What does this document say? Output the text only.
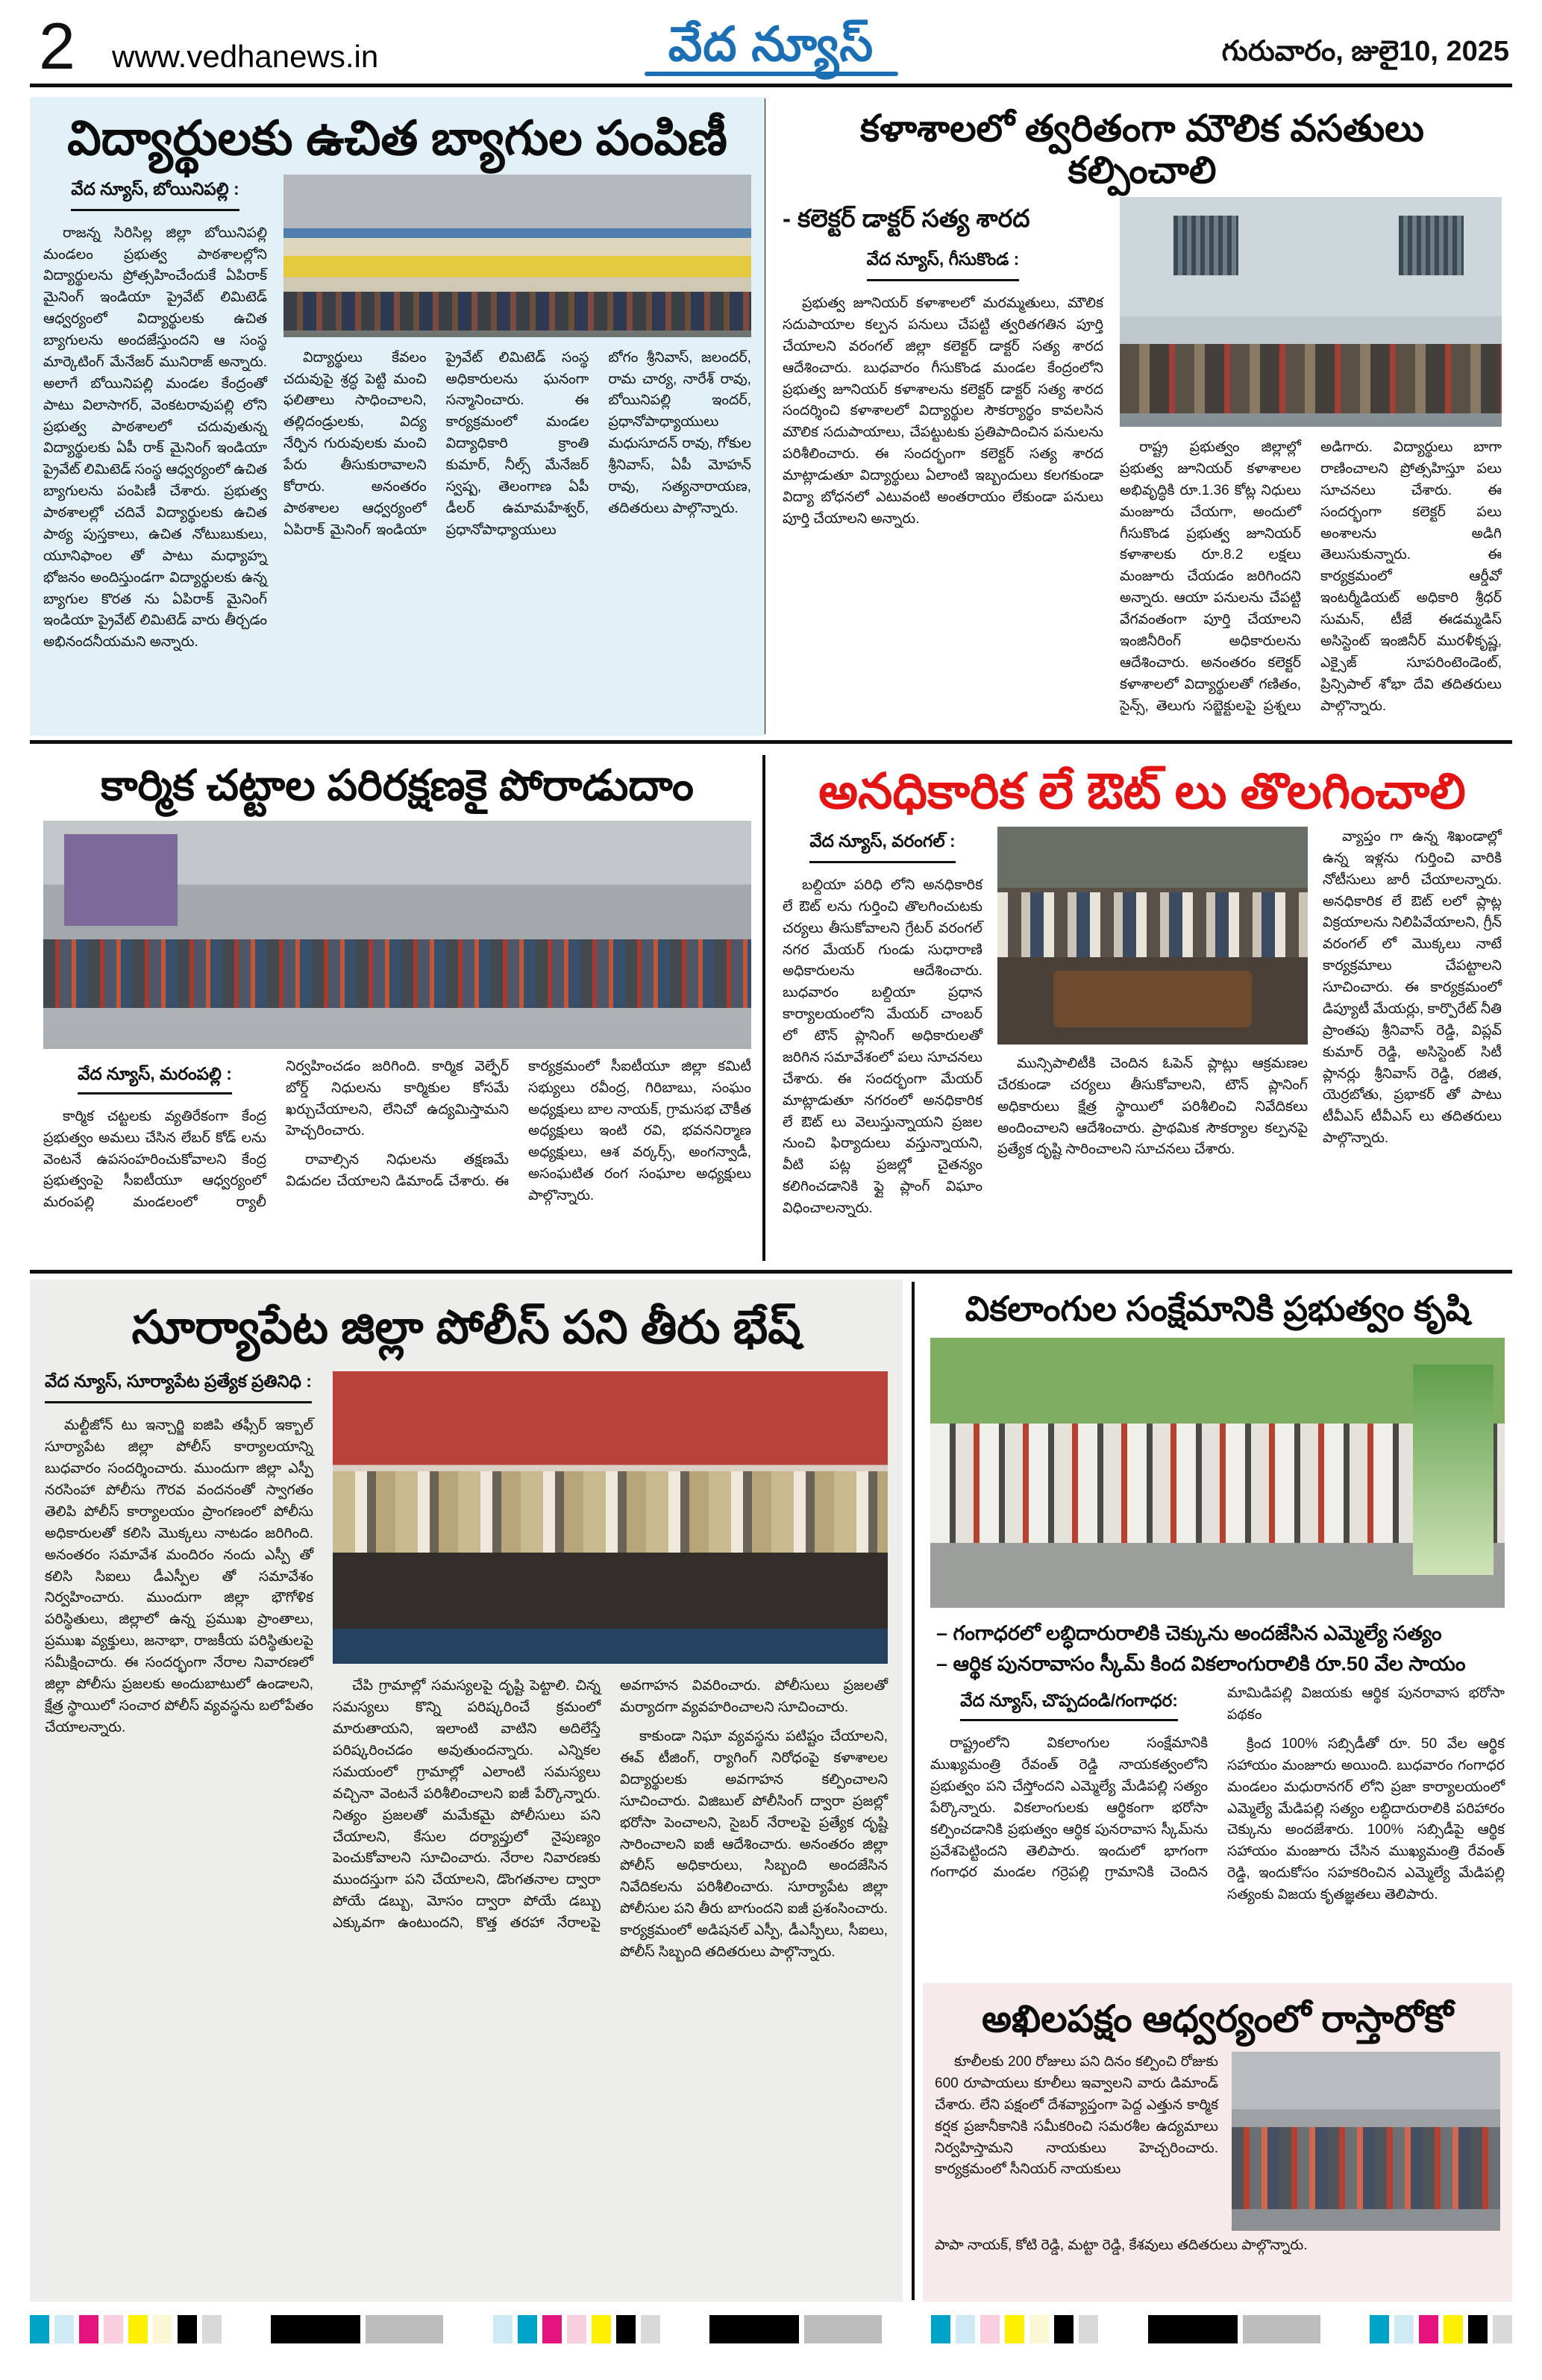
2 www.vedhanews.in	వేద న్యూస్	గురువారం, జులై10, 2025
విద్యార్థులకు ఉచిత బ్యాగుల పంపిణీ
వేద న్యూస్, బోయినిపల్లి :

రాజన్న సిరిసిల్ల జిల్లా బోయినిపల్లి మండలం ప్రభుత్వ పాఠశాలల్లోని విద్యార్థులను ప్రోత్సహించేందుకే ఏపిరాక్ మైనింగ్ ఇండియా ప్రైవేట్ లిమిటెడ్ ఆధ్వర్యంలో విద్యార్థులకు ఉచిత బ్యాగులను అందజేస్తుందని ఆ సంస్థ మార్కెటింగ్ మేనేజర్ మునిరాజ్ అన్నారు. అలాగే బోయినిపల్లి మండల కేంద్రంతో పాటు విలాసాగర్, వెంకటరావుపల్లి లోని ప్రభుత్వ పాఠశాలలో చదువుతున్న విద్యార్థులకు ఏపీ రాక్ మైనింగ్ ఇండియా ప్రైవేట్ లిమిటెడ్ సంస్థ ఆధ్వర్యంలో ఉచిత బ్యాగులను పంపిణీ చేశారు. ప్రభుత్వ పాఠశాలల్లో చదివే విద్యార్థులకు ఉచిత పాఠ్య పుస్తకాలు, ఉచిత నోటుబుకులు, యూనిఫాంల తో పాటు మధ్యాహ్న భోజనం అందిస్తుండగా విద్యార్థులకు ఉన్న బ్యాగుల కొరత ను ఏపిరాక్ మైనింగ్ ఇండియా ప్రైవేట్ లిమిటెడ్ వారు తీర్చడం అభినందనీయమని అన్నారు.

విద్యార్థులు కేవలం చదువుపై శ్రద్ధ పెట్టి మంచి ఫలితాలు సాధించాలని, తల్లిదండ్రులకు, విద్య నేర్పిన గురువులకు మంచి పేరు తీసుకురావాలని కోరారు. అనంతరం పాఠశాలల ఆధ్వర్యంలో ఏపిరాక్ మైనింగ్ ఇండియా ప్రైవేట్ లిమిటెడ్ సంస్థ అధికారులను ఘనంగా సన్మానించారు. ఈ కార్యక్రమంలో మండల విద్యాధికారి క్రాంతి కుమార్, నీల్స్ మేనేజర్ స్వష్ప, తెలంగాణ ఏపీ డీలర్ ఉమామహేశ్వర్, ప్రధానోపాధ్యాయులు బోగం శ్రీనివాస్, జలందర్, రామ చార్య, నారేశ్ రావు, బోయినిపల్లి ఇందర్, ప్రధానోపాధ్యాయులు మధుసూదన్ రావు, గోకుల శ్రీనివాస్, ఏపీ మోహన్ రావు, సత్యనారాయణ, తదితరులు పాల్గొన్నారు.

కళాశాలలో త్వరితంగా మౌలిక వసతులు కల్పించాలి
- కలెక్టర్ డాక్టర్ సత్య శారద
వేద న్యూస్, గీసుకొండ :

ప్రభుత్వ జూనియర్ కళాశాలలో మరమ్మతులు, మౌలిక సదుపాయాల కల్పన పనులు చేపట్టి త్వరితగతిన పూర్తి చేయాలని వరంగల్ జిల్లా కలెక్టర్ డాక్టర్ సత్య శారద ఆదేశించారు. బుధవారం గీసుకొండ మండల కేంద్రంలోని ప్రభుత్వ జూనియర్ కళాశాలను కలెక్టర్ డాక్టర్ సత్య శారద సందర్శించి కళాశాలలో విద్యార్థుల సౌకర్యార్థం కావలసిన మౌలిక సదుపాయాలు, చేపట్టుటకు ప్రతిపాదించిన పనులను పరిశీలించారు. ఈ సందర్భంగా కలెక్టర్ సత్య శారద మాట్లాడుతూ విద్యార్థులు ఏలాంటి ఇబ్బందులు కలగకుండా విద్యా బోధనలో ఎటువంటి అంతరాయం లేకుండా పనులు పూర్తి చేయాలని అన్నారు.

రాష్ట్ర ప్రభుత్వం జిల్లాల్లో ప్రభుత్వ జూనియర్ కళాశాలల అభివృద్ధికి రూ.1.36 కోట్ల నిధులు మంజూరు చేయగా, అందులో గీసుకొండ ప్రభుత్వ జూనియర్ కళాశాలకు రూ.8.2 లక్షలు మంజూరు చేయడం జరిగిందని అన్నారు. ఆయా పనులను చేపట్టి వేగవంతంగా పూర్తి చేయాలని ఇంజినీరింగ్ అధికారులను ఆదేశించారు. అనంతరం కలెక్టర్ కళాశాలలో విద్యార్థులతో గణితం, సైన్స్, తెలుగు సబ్జెక్టులపై ప్రశ్నలు అడిగారు. విద్యార్థులు బాగా రాణించాలని ప్రోత్సహిస్తూ పలు సూచనలు చేశారు. ఈ సందర్భంగా కలెక్టర్ పలు అంశాలను అడిగి తెలుసుకున్నారు. ఈ కార్యక్రమంలో ఆర్డీవో ఇంటర్మీడియట్ అధికారి శ్రీధర్ సుమన్, టీజే ఈడమ్మడిస్ అసిస్టెంట్ ఇంజినీర్ మురళీకృష్ణ, ఎక్సైజ్ సూపరింటెండెంట్, ప్రిన్సిపాల్ శోభా దేవి తదితరులు పాల్గొన్నారు.

కార్మిక చట్టాల పరిరక్షణకై పోరాడుదాం
వేద న్యూస్, మరంపల్లి :

కార్మిక చట్టలకు వ్యతిరేకంగా కేంద్ర ప్రభుత్వం అమలు చేసిన లేబర్ కోడ్ లను వెంటనే ఉపసంహరించుకోవాలని కేంద్ర ప్రభుత్వంపై సీఐటీయూ ఆధ్వర్యంలో మరంపల్లి మండలంలో ర్యాలీ నిర్వహించడం జరిగింది. కార్మిక వెల్ఫేర్ బోర్డ్ నిధులను కార్మికుల కోసమే ఖర్చుచేయాలని, లేనిచో ఉద్యమిస్తామని హెచ్చరించారు.

రావాల్సిన నిధులను తక్షణమే విడుదల చేయాలని డిమాండ్ చేశారు. ఈ కార్యక్రమంలో సీఐటీయూ జిల్లా కమిటీ సభ్యులు రవీంద్ర, గిరిబాబు, సంఘం అధ్యక్షులు బాల నాయక్, గ్రామసభ చౌకీత అధ్యక్షులు ఇంటి రవి, భవననిర్మాణ అధ్యక్షులు, ఆశ వర్కర్స్, అంగన్వాడీ, అసంఘటిత రంగ సంఘాల అధ్యక్షులు పాల్గొన్నారు.

అనధికారిక లే ఔట్ లు తొలగించాలి
వేద న్యూస్, వరంగల్ :

బల్దియా పరిధి లోని అనధికారిక లే ఔట్ లను గుర్తించి తొలగించుటకు చర్యలు తీసుకోవాలని గ్రేటర్ వరంగల్ నగర మేయర్ గుండు సుధారాణి అధికారులను ఆదేశించారు. బుధవారం బల్దియా ప్రధాన కార్యాలయంలోని మేయర్ చాంబర్ లో టౌన్ ప్లానింగ్ అధికారులతో జరిగిన సమావేశంలో పలు సూచనలు చేశారు. ఈ సందర్భంగా మేయర్ మాట్లాడుతూ నగరంలో అనధికారిక లే ఔట్ లు వెలుస్తున్నాయని ప్రజల నుంచి ఫిర్యాదులు వస్తున్నాయని, వీటి పట్ల ప్రజల్లో చైతన్యం కలిగించడానికి ఫ్లై ప్లాంగ్ విఘాం విధించాలన్నారు.

మున్సిపాలిటీకి చెందిన ఓపెన్ ప్లాట్లు ఆక్రమణల చేరకుండా చర్యలు తీసుకోవాలని, టౌన్ ప్లానింగ్ అధికారులు క్షేత్ర స్థాయిలో పరిశీలించి నివేదికలు అందించాలని ఆదేశించారు. ప్రాథమిక సౌకర్యాల కల్పనపై ప్రత్యేక దృష్టి సారించాలని సూచనలు చేశారు.

వ్యాప్తం గా ఉన్న శిఖండాల్లో ఉన్న ఇళ్లను గుర్తించి వారికి నోటీసులు జారీ చేయాలన్నారు. అనధికారిక లే ఔట్ లలో ప్లాట్ల విక్రయాలను నిలిపివేయాలని, గ్రీన్ వరంగల్ లో మొక్కలు నాటే కార్యక్రమాలు చేపట్టాలని సూచించారు. ఈ కార్యక్రమంలో డిప్యూటీ మేయర్లు, కార్పొరేట్ నీతి ప్రాంతపు శ్రీనివాస్ రెడ్డి, విప్లవ్ కుమార్ రెడ్డి, అసిస్టెంట్ సిటీ ప్లానర్లు శ్రీనివాస్ రెడ్డి, రజిత, యెర్రబోతు, ప్రభాకర్ తో పాటు టీవీఎస్ టీవీఎస్ లు తదితరులు పాల్గొన్నారు.

సూర్యాపేట జిల్లా పోలీస్ పని తీరు భేష్
వేద న్యూస్, సూర్యాపేట ప్రత్యేక ప్రతినిధి :

మల్టీజోన్ టు ఇన్చార్జి ఐజిపి తఫ్సీర్ ఇక్బాల్ సూర్యాపేట జిల్లా పోలీస్ కార్యాలయాన్ని బుధవారం సందర్శించారు. ముందుగా జిల్లా ఎస్పీ నరసింహా పోలీసు గౌరవ వందనంతో స్వాగతం తెలిపి పోలీస్ కార్యాలయం ప్రాంగణంలో పోలీసు అధికారులతో కలిసి మొక్కలు నాటడం జరిగింది. అనంతరం సమావేశ మందిరం నందు ఎస్పీ తో కలిసి సిఐలు డీఎస్పీల తో సమావేశం నిర్వహించారు. ముందుగా జిల్లా భౌగోళిక పరిస్థితులు, జిల్లాలో ఉన్న ప్రముఖ ప్రాంతాలు, ప్రముఖ వ్యక్తులు, జనాభా, రాజకీయ పరిస్థితులపై సమీక్షించారు. ఈ సందర్భంగా నేరాల నివారణలో జిల్లా పోలీసు ప్రజలకు అందుబాటులో ఉండాలని, క్షేత్ర స్థాయిలో సంచార పోలీస్ వ్యవస్థను బలోపేతం చేయాలన్నారు.

చేపి గ్రామాల్లో సమస్యలపై దృష్టి పెట్టాలి. చిన్న సమస్యలు కొన్ని పరిష్కరించే క్రమంలో మారుతాయని, ఇలాంటి వాటిని అదిలేస్తే పరిష్కరించడం అవుతుందన్నారు. ఎన్నికల సమయంలో గ్రామాల్లో ఎలాంటి సమస్యలు వచ్చినా వెంటనే పరిశీలించాలని ఐజీ పేర్కొన్నారు. నిత్యం ప్రజలతో మమేకమై పోలీసులు పని చేయాలని, కేసుల దర్యాప్తులో నైపుణ్యం పెంచుకోవాలని సూచించారు. నేరాల నివారణకు ముందస్తుగా పని చేయాలని, డొంగతనాల ద్వారా పోయే డబ్బు, మోసం ద్వారా పోయే డబ్బు ఎక్కువగా ఉంటుందని, కొత్త తరహా నేరాలపై అవగాహన వివరించారు. పోలీసులు ప్రజలతో మర్యాదగా వ్యవహరించాలని సూచించారు.

కాకుండా నిఘా వ్యవస్థను పటిష్టం చేయాలని, ఈవ్ టీజింగ్, ర్యాగింగ్ నిరోధంపై కళాశాలల విద్యార్థులకు అవగాహన కల్పించాలని సూచించారు. విజిబుల్ పోలీసింగ్ ద్వారా ప్రజల్లో భరోసా పెంచాలని, సైబర్ నేరాలపై ప్రత్యేక దృష్టి సారించాలని ఐజీ ఆదేశించారు. అనంతరం జిల్లా పోలీస్ అధికారులు, సిబ్బంది అందజేసిన నివేదికలను పరిశీలించారు. సూర్యాపేట జిల్లా పోలీసుల పని తీరు బాగుందని ఐజీ ప్రశంసించారు. కార్యక్రమంలో అడిషనల్ ఎస్పీ, డీఎస్పీలు, సీఐలు, పోలీస్ సిబ్బంది తదితరులు పాల్గొన్నారు.

వికలాంగుల సంక్షేమానికి ప్రభుత్వం కృషి
– గంగాధరలో లబ్ధిదారురాలికి చెక్కును అందజేసిన ఎమ్మెల్యే సత్యం
– ఆర్థిక పునరావాసం స్కీమ్ కింద వికలాంగురాలికి రూ.50 వేల సాయం
వేద న్యూస్, చొప్పదండి/గంగాధర:

రాష్ట్రంలోని వికలాంగుల సంక్షేమానికి ముఖ్యమంత్రి రేవంత్ రెడ్డి నాయకత్వంలోని ప్రభుత్వం పని చేస్తోందని ఎమ్మెల్యే మేడిపల్లి సత్యం పేర్కొన్నారు. వికలాంగులకు ఆర్థికంగా భరోసా కల్పించడానికి ప్రభుత్వం ఆర్థిక పునరావాస స్కీమ్‌ను ప్రవేశపెట్టిందని తెలిపారు. ఇందులో భాగంగా గంగాధర మండల గర్రెపల్లి గ్రామానికి చెందిన మామిడిపల్లి విజయకు ఆర్థిక పునరావాస భరోసా పథకం

క్రింద 100% సబ్సిడీతో రూ. 50 వేల ఆర్థిక సహాయం మంజూరు అయింది. బుధవారం గంగాధర మండలం మధురానగర్ లోని ప్రజా కార్యాలయంలో ఎమ్మెల్యే మేడిపల్లి సత్యం లబ్ధిదారురాలికి పరిహారం చెక్కును అందజేశారు. 100% సబ్సిడీపై ఆర్థిక సహాయం మంజూరు చేసిన ముఖ్యమంత్రి రేవంత్ రెడ్డి, ఇందుకోసం సహకరించిన ఎమ్మెల్యే మేడిపల్లి సత్యంకు విజయ కృతజ్ఞతలు తెలిపారు.

అఖిలపక్షం ఆధ్వర్యంలో రాస్తారోకో

కూలీలకు 200 రోజులు పని దినం కల్పించి రోజుకు 600 రూపాయలు కూలీలు ఇవ్వాలని వారు డిమాండ్ చేశారు. లేని పక్షంలో దేశవ్యాప్తంగా పెద్ద ఎత్తున కార్మిక కర్షక ప్రజానీకానికి సమీకరించి సమరశీల ఉద్యమాలు నిర్వహిస్తామని నాయకులు హెచ్చరించారు. కార్యక్రమంలో సీనియర్ నాయకులు

పాపా నాయక్, కోటి రెడ్డి, మట్టా రెడ్డి, కేశవులు తదితరులు పాల్గొన్నారు.
